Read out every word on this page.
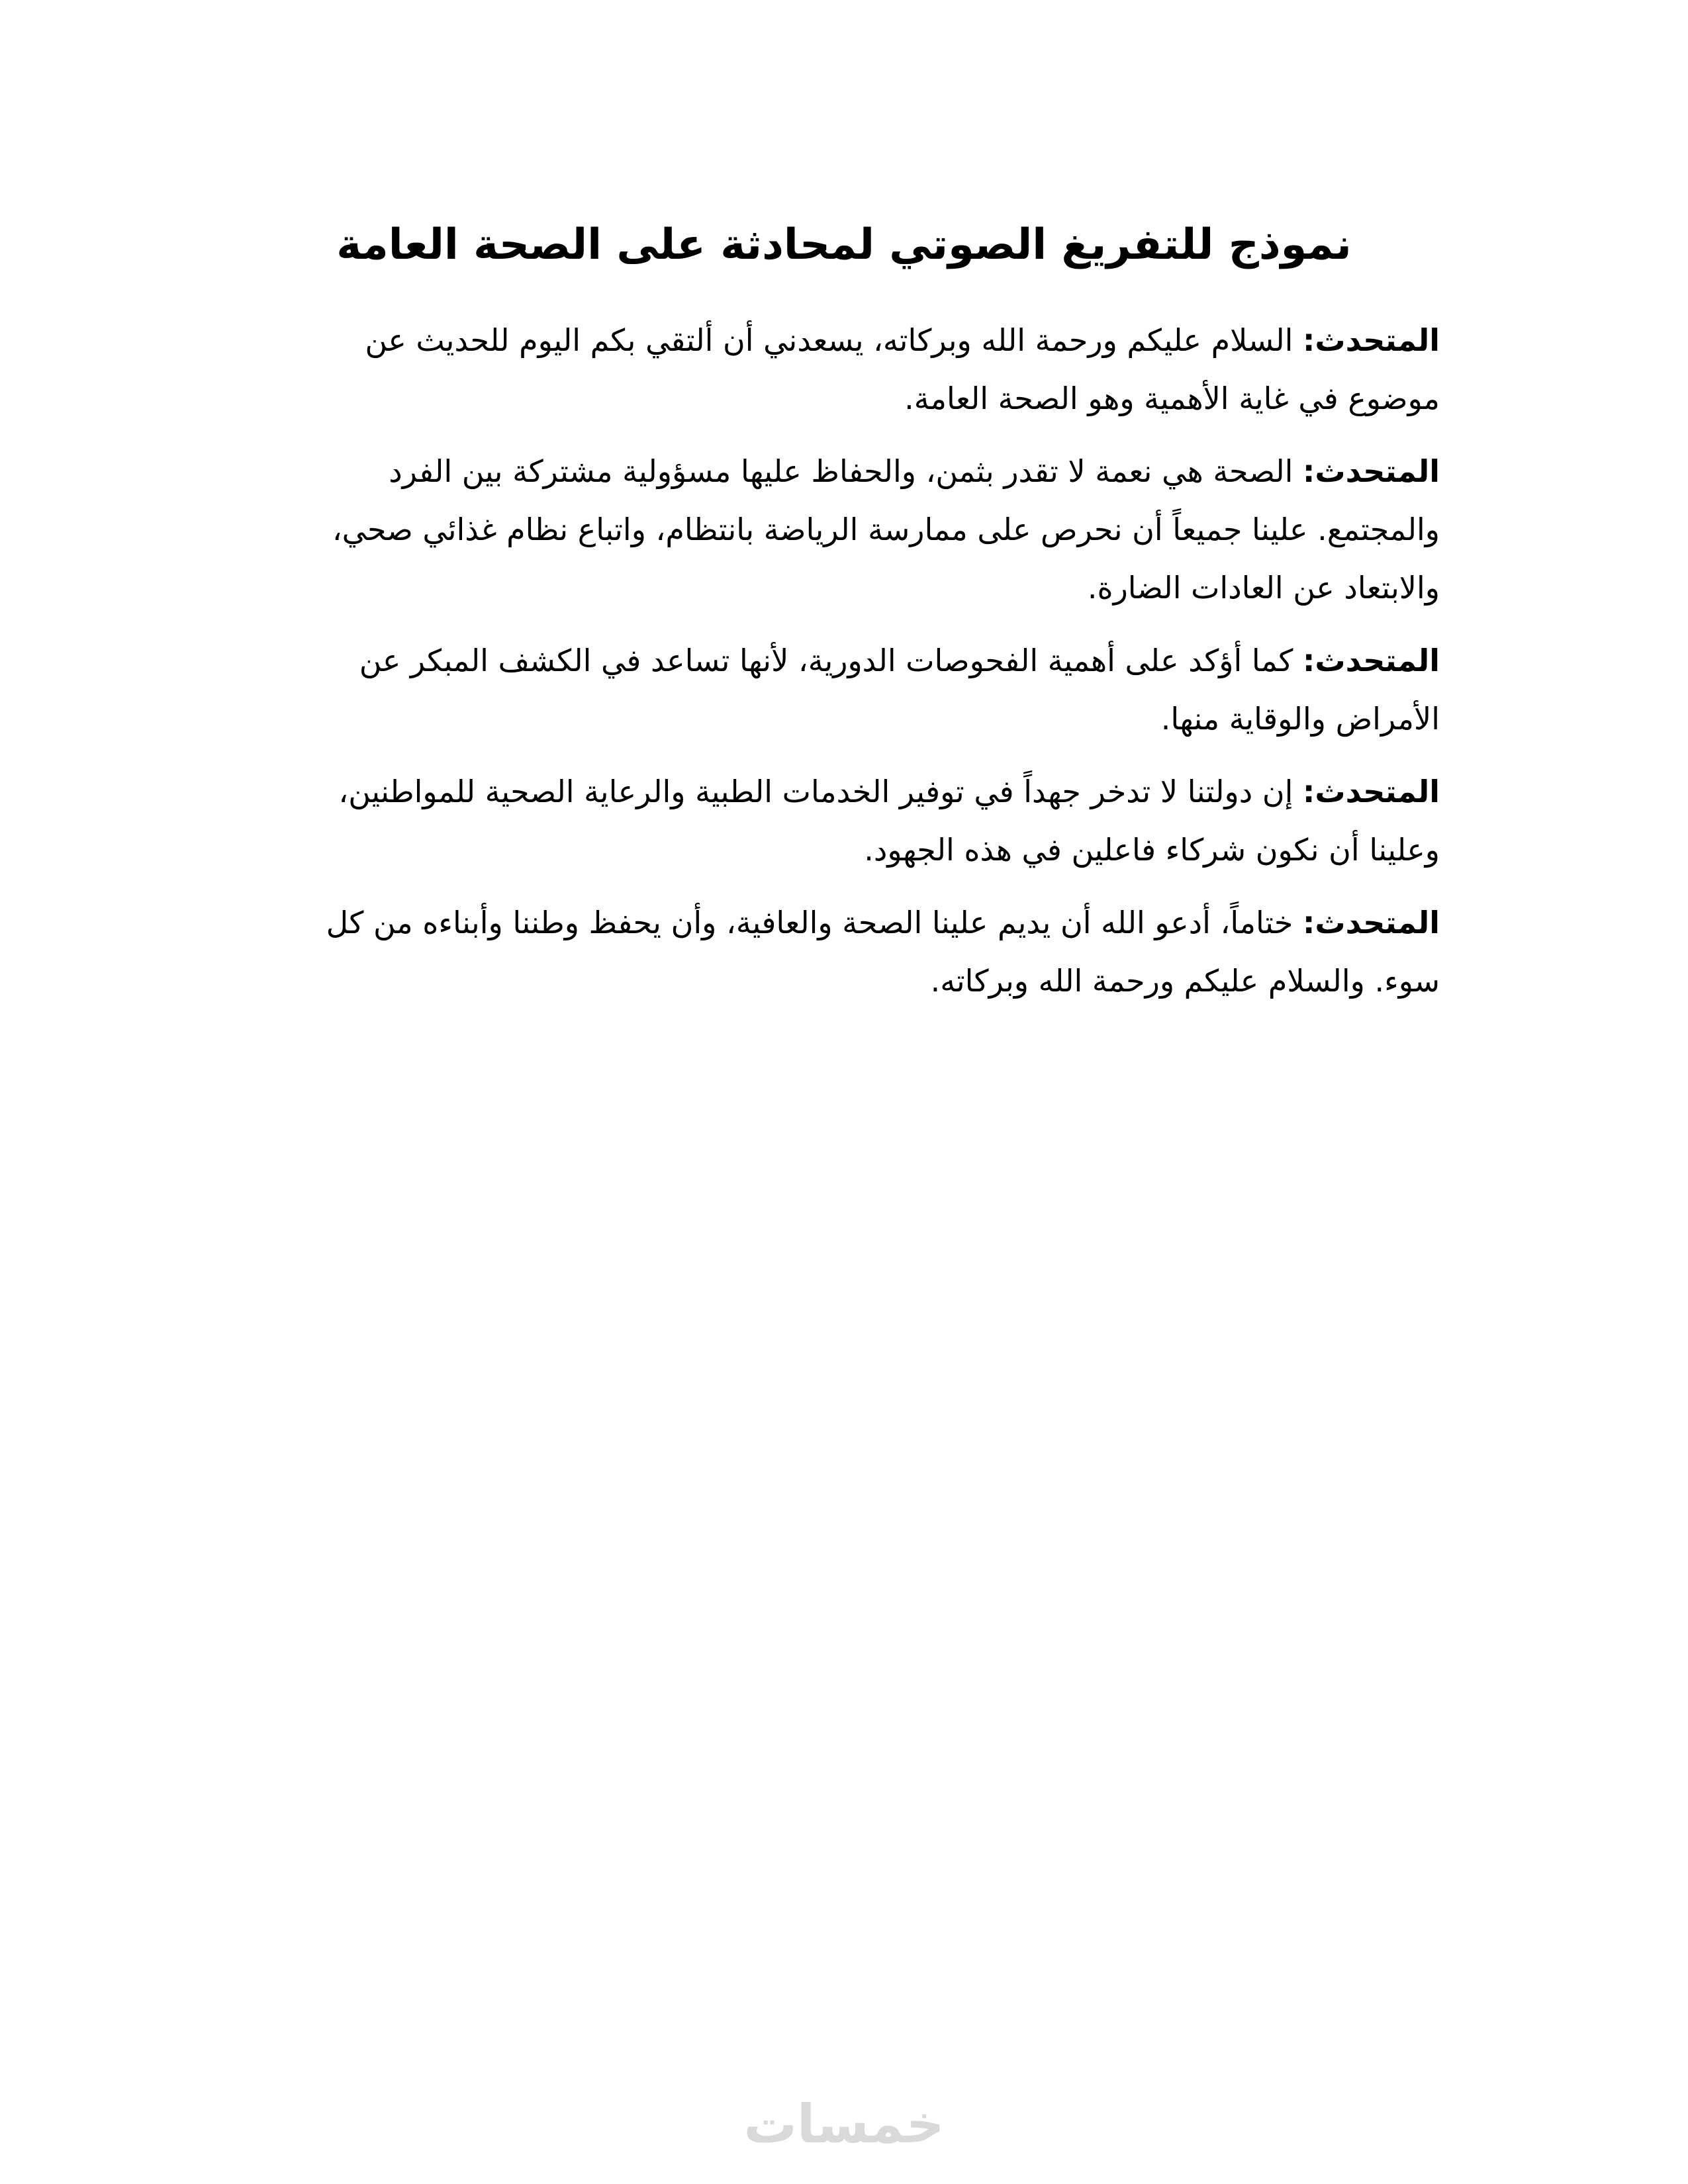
نموذج للتفريغ الصوتي لمحادثة على الصحة العامة

المتحدث: السلام عليكم ورحمة الله وبركاته، يسعدني أن ألتقي بكم اليوم للحديث عن موضوع في غاية الأهمية وهو الصحة العامة.

المتحدث: الصحة هي نعمة لا تقدر بثمن، والحفاظ عليها مسؤولية مشتركة بين الفرد والمجتمع. علينا جميعاً أن نحرص على ممارسة الرياضة بانتظام، واتباع نظام غذائي صحي، والابتعاد عن العادات الضارة.

المتحدث: كما أؤكد على أهمية الفحوصات الدورية، لأنها تساعد في الكشف المبكر عن الأمراض والوقاية منها.

المتحدث: إن دولتنا لا تدخر جهداً في توفير الخدمات الطبية والرعاية الصحية للمواطنين، وعلينا أن نكون شركاء فاعلين في هذه الجهود.

المتحدث: ختاماً، أدعو الله أن يديم علينا الصحة والعافية، وأن يحفظ وطننا وأبناءه من كل سوء. والسلام عليكم ورحمة الله وبركاته.

خمسات
